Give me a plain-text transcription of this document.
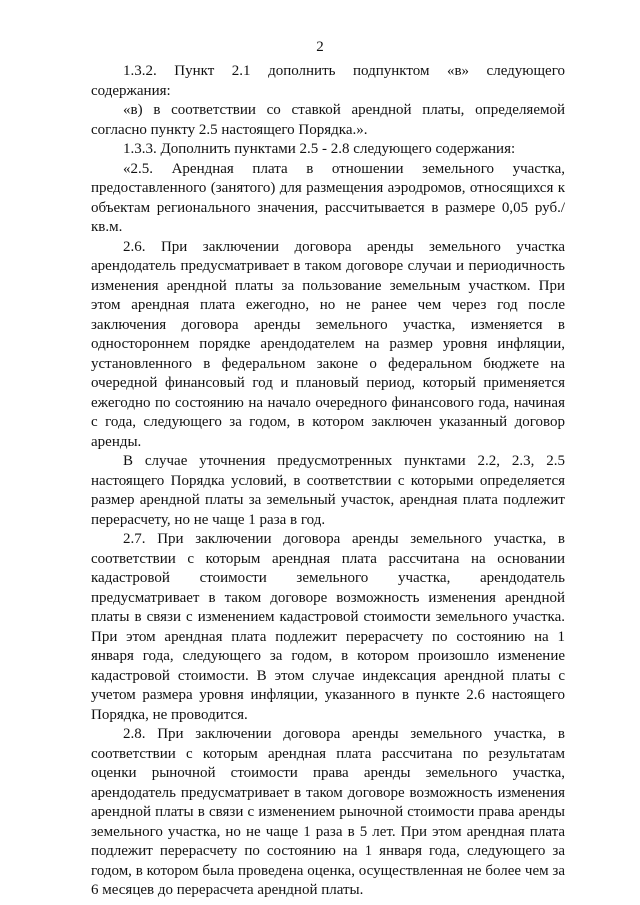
2

1.3.2. Пункт 2.1 дополнить подпунктом «в» следующего содержания:

«в) в соответствии со ставкой арендной платы, определяемой согласно пункту 2.5 настоящего Порядка.».

1.3.3. Дополнить пунктами 2.5 - 2.8 следующего содержания:

«2.5. Арендная плата в отношении земельного участка, предоставленного (занятого) для размещения аэродромов, относящихся к объектам регионального значения, рассчитывается в размере 0,05 руб./кв.м.

2.6. При заключении договора аренды земельного участка арендодатель предусматривает в таком договоре случаи и периодичность изменения арендной платы за пользование земельным участком. При этом арендная плата ежегодно, но не ранее чем через год после заключения договора аренды земельного участка, изменяется в одностороннем порядке арендодателем на размер уровня инфляции, установленного в федеральном законе о федеральном бюджете на очередной финансовый год и плановый период, который применяется ежегодно по состоянию на начало очередного финансового года, начиная с года, следующего за годом, в котором заключен указанный договор аренды.

В случае уточнения предусмотренных пунктами 2.2, 2.3, 2.5 настоящего Порядка условий, в соответствии с которыми определяется размер арендной платы за земельный участок, арендная плата подлежит перерасчету, но не чаще 1 раза в год.

2.7. При заключении договора аренды земельного участка, в соответствии с которым арендная плата рассчитана на основании кадастровой стоимости земельного участка, арендодатель предусматривает в таком договоре возможность изменения арендной платы в связи с изменением кадастровой стоимости земельного участка. При этом арендная плата подлежит перерасчету по состоянию на 1 января года, следующего за годом, в котором произошло изменение кадастровой стоимости. В этом случае индексация арендной платы с учетом размера уровня инфляции, указанного в пункте 2.6 настоящего Порядка, не проводится.

2.8. При заключении договора аренды земельного участка, в соответствии с которым арендная плата рассчитана по результатам оценки рыночной стоимости права аренды земельного участка, арендодатель предусматривает в таком договоре возможность изменения арендной платы в связи с изменением рыночной стоимости права аренды земельного участка, но не чаще 1 раза в 5 лет. При этом арендная плата подлежит перерасчету по состоянию на 1 января года, следующего за годом, в котором была проведена оценка, осуществленная не более чем за 6 месяцев до перерасчета арендной платы.
